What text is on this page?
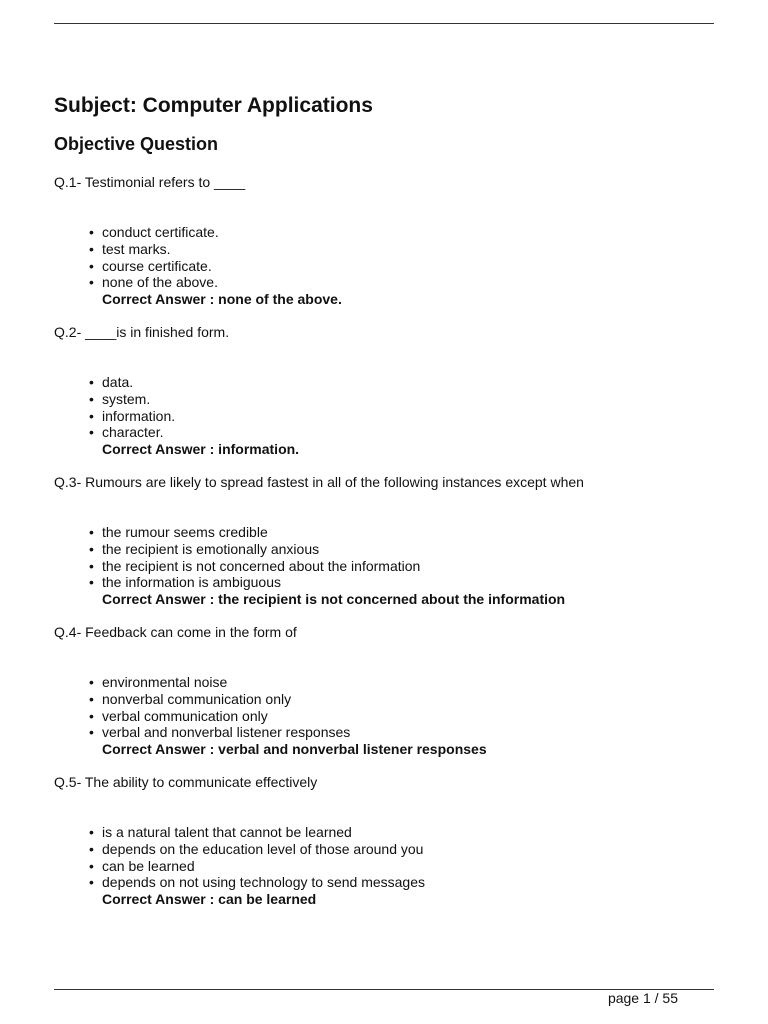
Subject: Computer Applications
Objective Question

Q.1- Testimonial refers to ____

• conduct certificate.
• test marks.
• course certificate.
• none of the above.
Correct Answer : none of the above.

Q.2- ____is in finished form.

• data.
• system.
• information.
• character.
Correct Answer : information.

Q.3- Rumours are likely to spread fastest in all of the following instances except when

• the rumour seems credible
• the recipient is emotionally anxious
• the recipient is not concerned about the information
• the information is ambiguous
Correct Answer : the recipient is not concerned about the information

Q.4- Feedback can come in the form of

• environmental noise
• nonverbal communication only
• verbal communication only
• verbal and nonverbal listener responses
Correct Answer : verbal and nonverbal listener responses

Q.5- The ability to communicate effectively

• is a natural talent that cannot be learned
• depends on the education level of those around you
• can be learned
• depends on not using technology to send messages
Correct Answer : can be learned
page 1 / 55
